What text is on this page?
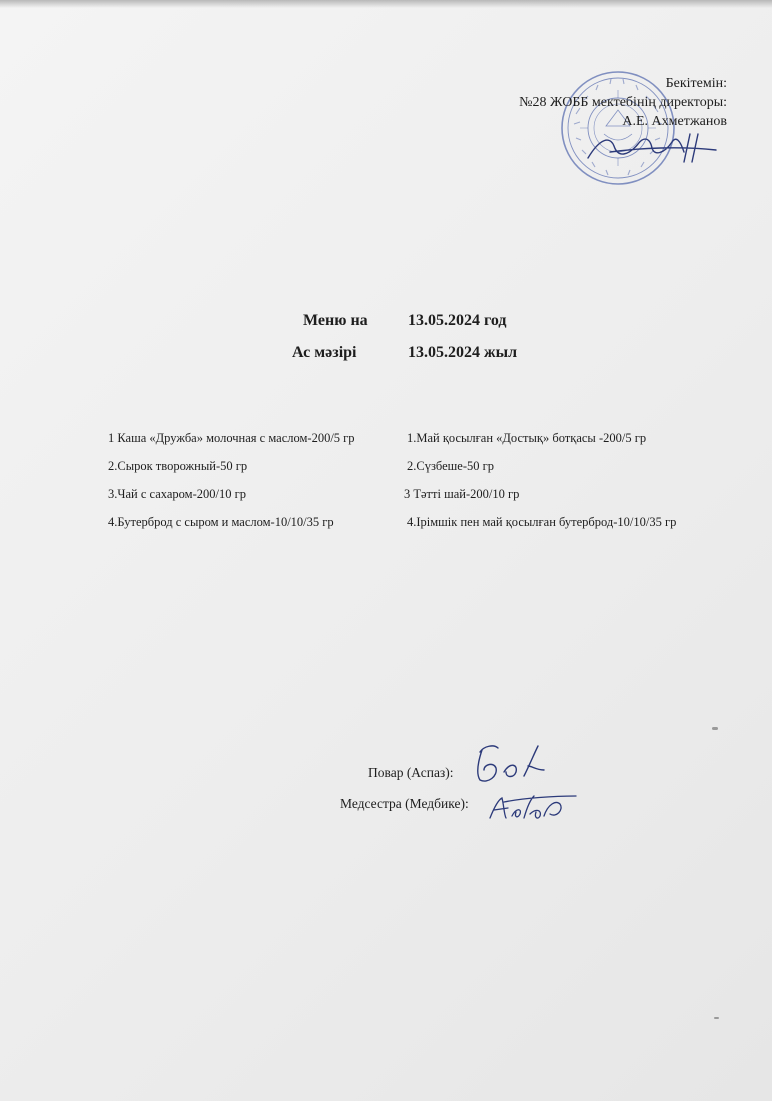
Бекітемін:
№28 ЖОББ мектебінің директоры:
А.Е. Ахметжанов
Меню на	13.05.2024 год
Ас мәзірі	13.05.2024 жыл
1 Каша «Дружба» молочная с маслом-200/5 гр
2.Сырок творожный-50 гр
3.Чай с сахаром-200/10 гр
4.Бутерброд с сыром и маслом-10/10/35 гр
1.Май қосылған «Достық» ботқасы -200/5 гр
2.Сүзбеше-50 гр
3 Тәтті шай-200/10 гр
4.Ірімшік пен май қосылған бутерброд-10/10/35 гр
Повар (Аспаз):
Медсестра (Медбике):
